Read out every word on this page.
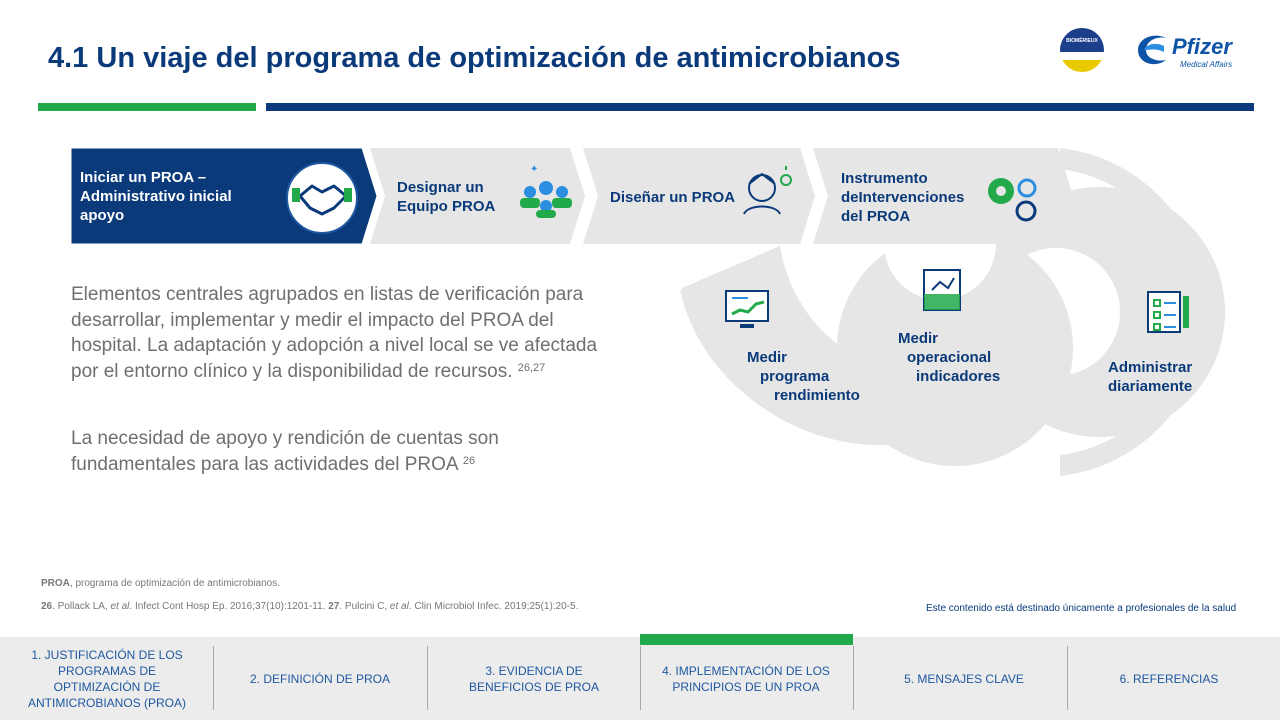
4.1 Un viaje del programa de optimización de antimicrobianos
BIOMÉRIEUX	Pfizer
Medical Affairs
✦
Iniciar un PROA –
Administrativo inicial
apoyo
Designar un
Equipo PROA
Diseñar un PROA
Instrumento
deIntervenciones
del PROA
Administrar
diariamente
Medir
operacional
indicadores
Medir
programa
rendimiento
Elementos centrales agrupados en listas de verificación para desarrollar, implementar y medir el impacto del PROA del hospital. La adaptación y adopción a nivel local se ve afectada por el entorno clínico y la disponibilidad de recursos. $^{26,27}$
La necesidad de apoyo y rendición de cuentas son fundamentales para las actividades del PROA $^{26}$
PROA, programa de optimización de antimicrobianos.
26. Pollack LA, et al. Infect Cont Hosp Ep. 2016;37(10):1201-11. 27. Pulcini C, et al. Clin Microbiol Infec. 2019;25(1):20-5.	Este contenido está destinado únicamente a profesionales de la salud
1. JUSTIFICACIÓN DE LOS PROGRAMAS DE OPTIMIZACIÓN DE ANTIMICROBIANOS (PROA)
2. DEFINICIÓN DE PROA
3. EVIDENCIA DE BENEFICIOS DE PROA
4. IMPLEMENTACIÓN DE LOS PRINCIPIOS DE UN PROA
5. MENSAJES CLAVE	6. REFERENCIAS
